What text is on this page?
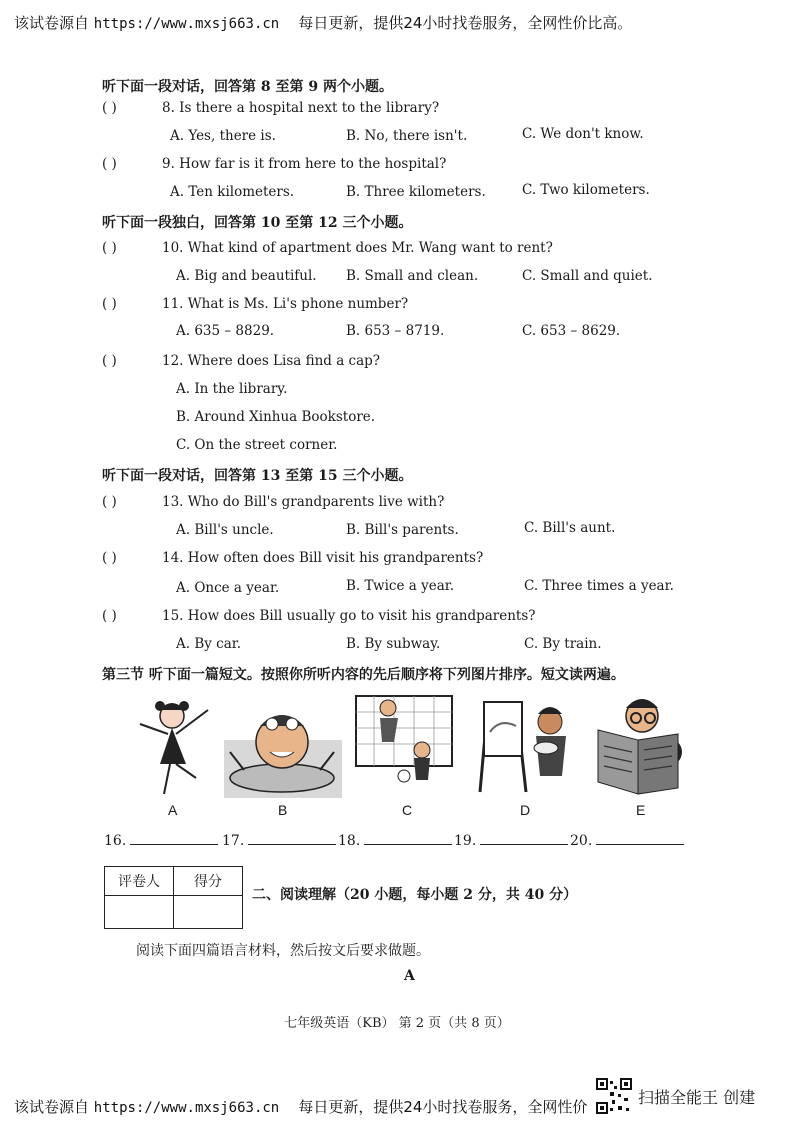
该试卷源自 https://www.mxsj663.cn 每日更新，提供24小时找卷服务，全网性价比高。
听下面一段对话，回答第 8 至第 9 两个小题。
( )	8. Is there a hospital next to the library?
A. Yes, there is.	B. No, there isn't.	C. We don't know.
( )	9. How far is it from here to the hospital?
A. Ten kilometers.	B. Three kilometers.	C. Two kilometers.
听下面一段独白，回答第 10 至第 12 三个小题。
( )	10. What kind of apartment does Mr. Wang want to rent?
A. Big and beautiful. B. Small and clean.	C. Small and quiet.
( )	11. What is Ms. Li's phone number?
A. 635 – 8829.	B. 653 – 8719.	C. 653 – 8629.
( )	12. Where does Lisa find a cap?
A. In the library.
B. Around Xinhua Bookstore.
C. On the street corner.
听下面一段对话，回答第 13 至第 15 三个小题。
( )	13. Who do Bill's grandparents live with?
A. Bill's uncle.	B. Bill's parents.	C. Bill's aunt.
( )	14. How often does Bill visit his grandparents?
A. Once a year.	B. Twice a year.	C. Three times a year.
( )	15. How does Bill usually go to visit his grandparents?
A. By car.	B. By subway.	C. By train.
第三节 听下面一篇短文。按照你所听内容的先后顺序将下列图片排序。短文读两遍。
A	B	C	D	E
16.	17.	18.	19.	20.
评卷人	得分

二、阅读理解（20 小题，每小题 2 分，共 40 分）
阅读下面四篇语言材料，然后按文后要求做题。
A
七年级英语（KB） 第 2 页（共 8 页）
该试卷源自 https://www.mxsj663.cn 每日更新，提供24小时找卷服务，全网性价
扫描全能王 创建
